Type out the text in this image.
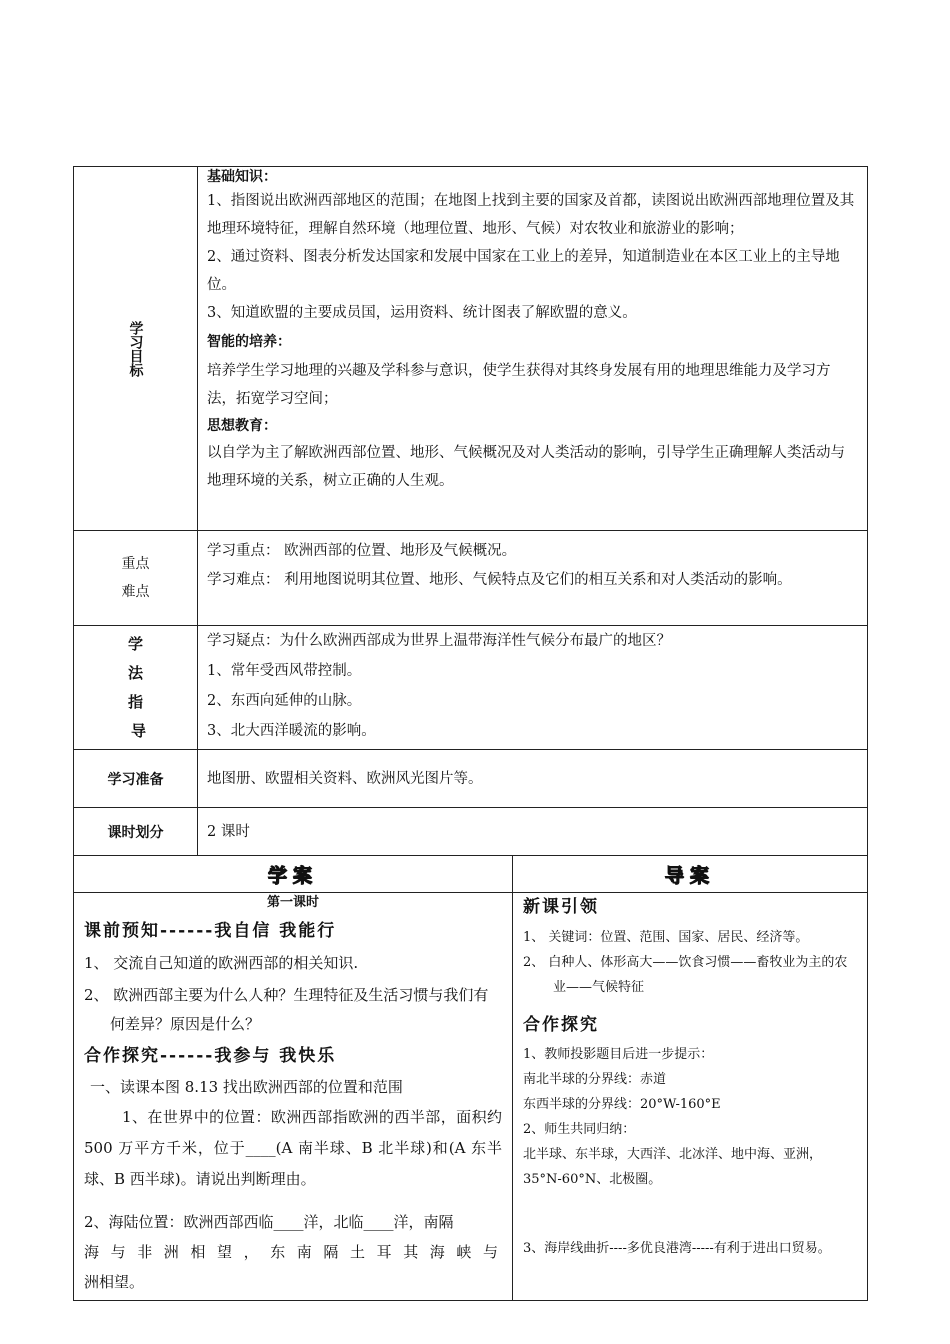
学习目标
基础知识：
1、指图说出欧洲西部地区的范围；在地图上找到主要的国家及首都，读图说出欧洲西部地理位置及其地理环境特征，理解自然环境（地理位置、地形、气候）对农牧业和旅游业的影响；
2、通过资料、图表分析发达国家和发展中国家在工业上的差异，知道制造业在本区工业上的主导地位。
3、知道欧盟的主要成员国，运用资料、统计图表了解欧盟的意义。
智能的培养：
培养学生学习地理的兴趣及学科参与意识，使学生获得对其终身发展有用的地理思维能力及学习方法，拓宽学习空间；
思想教育：
以自学为主了解欧洲西部位置、地形、气候概况及对人类活动的影响，引导学生正确理解人类活动与地理环境的关系，树立正确的人生观。
重点
难点
学习重点： 欧洲西部的位置、地形及气候概况。
学习难点： 利用地图说明其位置、地形、气候特点及它们的相互关系和对人类活动的影响。
学
法
指
导
学习疑点：为什么欧洲西部成为世界上温带海洋性气候分布最广的地区？
1、常年受西风带控制。
2、东西向延伸的山脉。
3、北大西洋暖流的影响。
学习准备	地图册、欧盟相关资料、欧洲风光图片等。
课时划分	2 课时
学案
第一课时
课前预知------我自信 我能行
1、 交流自己知道的欧洲西部的相关知识.
2、 欧洲西部主要为什么人种？生理特征及生活习惯与我们有何差异？原因是什么？
合作探究------我参与 我快乐
一、读课本图 8.13 找出欧洲西部的位置和范围
1、在世界中的位置：欧洲西部指欧洲的西半部，面积约 500 万平方千米，位于____(A 南半球、B 北半球)和(A 东半球、B 西半球)。请说出判断理由。
2、海陆位置：欧洲西部西临____洋，北临____洋，南隔
海与非洲相望，东南隔土耳其海峡与
洲相望。
导案
新课引领
1、 关键词：位置、范围、国家、居民、经济等。
2、 白种人、体形高大——饮食习惯——畜牧业为主的农业——气候特征
合作探究
1、教师投影题目后进一步提示：
南北半球的分界线：赤道
东西半球的分界线：20°W-160°E
2、师生共同归纳：
北半球、东半球，大西洋、北冰洋、地中海、亚洲，35°N-60°N、北极圈。
3、海岸线曲折----多优良港湾-----有利于进出口贸易。
